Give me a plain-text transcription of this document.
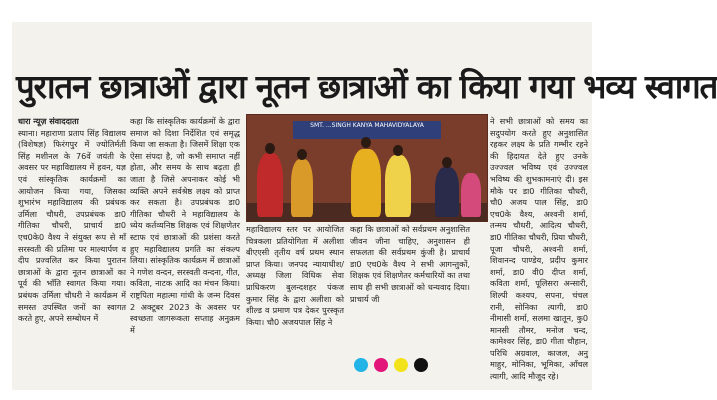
पुरातन छात्राओं द्वारा नूतन छात्राओं का किया गया भव्य स्वागत

धारा न्यूज़ संवाददाता

स्याना। महाराणा प्रताप सिंह विद्यालय (विशेषज्ञ) फिरंगपुर में ज्योतिर्मती सिंह मशीनल के 76वें जयंती के अवसर पर महाविद्यालय में हवन, यज्ञ एवं सांस्कृतिक कार्यक्रमों का आयोजन किया गया, जिसका शुभारंभ महाविद्यालय की प्रबंधक उर्मिला चौधरी, उपप्रबंधक डा0 गीतिका चौधरी, प्राचार्य डा0 एच0के0 वैश्य ने संयुक्त रूप से माँ सरस्वती की प्रतिमा पर माल्यार्पण व दीप प्रज्वलित कर किया पुरातन छात्राओं के द्वारा नूतन छात्राओं का पूर्व की भाँति स्वागत किया गया। प्रबंधक उर्मिला चौधरी ने कार्यक्रम में समस्त उपस्थित जनों का स्वागत करते हुए, अपने सम्बोधन में

कहा कि सांस्कृतिक कार्यक्रमों के द्वारा समाज को दिशा निर्देशित एवं समृद्ध किया जा सकता है। जिसमें शिक्षा एक ऐसा संपदा है, जो कभी समाप्त नहीं होता, और समय के साथ बढ़ता ही जाता है जिसे अपनाकर कोई भी व्यक्ति अपने सर्वश्रेष्ठ लक्ष्य को प्राप्त कर सकता है। उपप्रबंधक डा0 गीतिका चौधरी ने महाविद्यालय के ध्येय कर्तव्यनिष्ठ शिक्षक एवं शिक्षणेतर स्टाफ एवं छात्राओं की प्रशंसा करते हुए महाविद्यालय प्रगति का संकल्प लिया। सांस्कृतिक कार्यक्रम में छात्राओं ने गणेश वन्दन, सरस्वती वन्दना, गीत, कविता, नाटक आदि का मंचन किया। राष्ट्रपिता महात्मा गांधी के जन्म दिवस 2 अक्टूबर 2023 के अवसर पर स्वच्छता जागरूकता सप्ताह अनुक्रम में

SMT. ...SINGH KANYA MAHAVIDYALAYA

महाविद्यालय स्तर पर आयोजित चित्रकला प्रतियोगिता में अलीशा बीएएसी तृतीय वर्ष प्रथम स्थान प्राप्त किया। जनपद न्यायाधीश/अध्यक्ष जिला विधिक सेवा प्राधिकरण बुलन्दशहर पंकज कुमार सिंह के द्वारा अलीशा को शील्ड व प्रमाण पत्र देकर पुरस्कृत किया। चौ0 अजयपाल सिंह ने

कहा कि छात्राओं को सर्वप्रथम अनुशासित जीवन जीना चाहिए, अनुशासन ही सफलता की सर्वप्रथम कुंजी है। प्राचार्य डा0 एच0के वैश्य ने सभी आगन्तुकों, शिक्षक एवं शिक्षणेतर कर्मचारियों का तथा साथ ही सभी छात्राओं को धन्यवाद दिया। प्राचार्य जी

ने सभी छात्राओं को समय का सदुपयोग करते हुए अनुशासित रहकर लक्ष्य के प्रति गम्भीर रहने की हिदायत देते हुए उनके उज्ज्वल भविष्य एवं उज्ज्वल भविष्य की शुभकामनाएं दी। इस मौके पर डा0 गीतिका चौधरी, चौ0 अजय पाल सिंह, डा0 एच0के वैश्य, अश्वनी शर्मा, तन्मय चौधरी, आदित्य चौधरी, डा0 गीतिका चौधरी, प्रिया चौधरी, पूजा चौधरी, अश्वनी शर्मा, शिवानन्द पाण्डेय, प्रदीप कुमार शर्मा, डा0 वी0 दीप्त शर्मा, कविता शर्मा, पूलिसरा अन्सारी, शिल्पी कश्यप, सपना, चंचल रानी, सोनिका त्यागी, डा0 नीमासी शर्मा, सलमा खातून, कु0 मानसी तौमर, मनोज चन्द, कामेश्वर सिंह, डा0 गीता चौहान, परिधि अग्रवाल, काजल, अनु माहुर, मोनिका, भूमिका, आँचल त्यागी, आदि मौजूद रहे।
